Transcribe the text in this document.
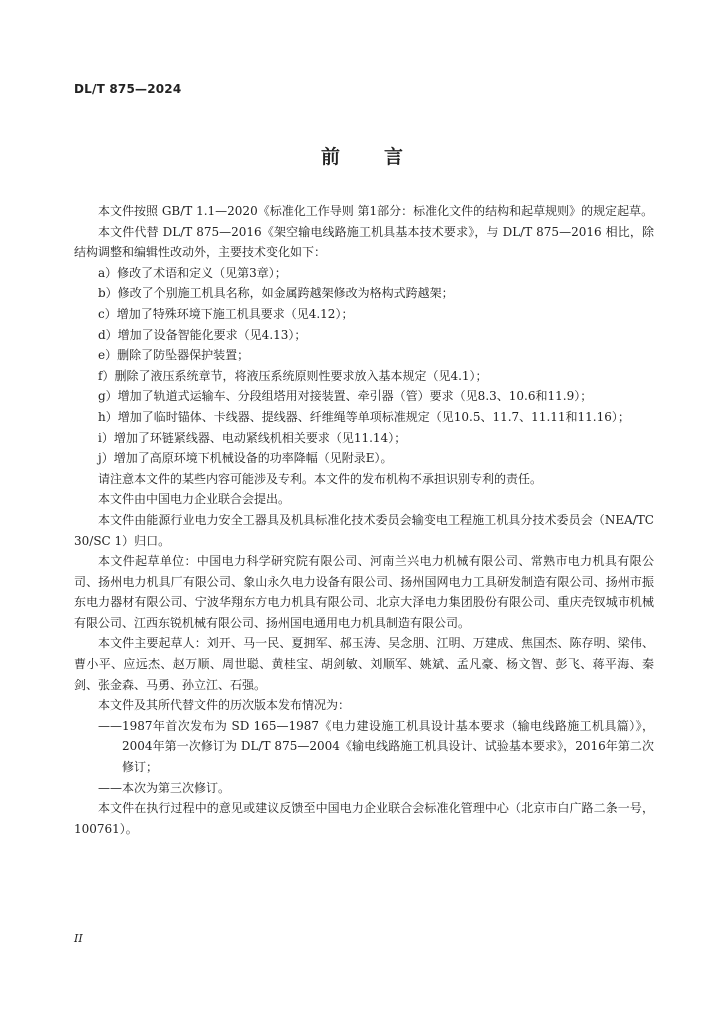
DL/T 875—2024
前言

本文件按照 GB/T 1.1—2020《标准化工作导则 第1部分：标准化文件的结构和起草规则》的规定起草。

本文件代替 DL/T 875—2016《架空输电线路施工机具基本技术要求》，与 DL/T 875—2016 相比，除结构调整和编辑性改动外，主要技术变化如下：

a）修改了术语和定义（见第3章）；

b）修改了个别施工机具名称，如金属跨越架修改为格构式跨越架；

c）增加了特殊环境下施工机具要求（见4.12）；

d）增加了设备智能化要求（见4.13）；

e）删除了防坠器保护装置；

f）删除了液压系统章节，将液压系统原则性要求放入基本规定（见4.1）；

g）增加了轨道式运输车、分段组塔用对接装置、牵引器（管）要求（见8.3、10.6和11.9）；

h）增加了临时锚体、卡线器、提线器、纤维绳等单项标准规定（见10.5、11.7、11.11和11.16）；

i）增加了环链紧线器、电动紧线机相关要求（见11.14）；

j）增加了高原环境下机械设备的功率降幅（见附录E）。

请注意本文件的某些内容可能涉及专利。本文件的发布机构不承担识别专利的责任。

本文件由中国电力企业联合会提出。

本文件由能源行业电力安全工器具及机具标准化技术委员会输变电工程施工机具分技术委员会（NEA/TC 30/SC 1）归口。

本文件起草单位：中国电力科学研究院有限公司、河南兰兴电力机械有限公司、常熟市电力机具有限公司、扬州电力机具厂有限公司、象山永久电力设备有限公司、扬州国网电力工具研发制造有限公司、扬州市振东电力器材有限公司、宁波华翔东方电力机具有限公司、北京大泽电力集团股份有限公司、重庆壳钗城市机械有限公司、江西东锐机械有限公司、扬州国电通用电力机具制造有限公司。

本文件主要起草人：刘开、马一民、夏拥军、郝玉涛、吴念朋、江明、万建成、焦国杰、陈存明、梁伟、曹小平、应远杰、赵万顺、周世聪、黄桂宝、胡剑敏、刘顺军、姚斌、孟凡豪、杨文智、彭飞、蒋平海、秦剑、张金森、马勇、孙立江、石强。

本文件及其所代替文件的历次版本发布情况为：

——1987年首次发布为 SD 165—1987《电力建设施工机具设计基本要求（输电线路施工机具篇）》，2004年第一次修订为 DL/T 875—2004《输电线路施工机具设计、试验基本要求》，2016年第二次修订；

——本次为第三次修订。

本文件在执行过程中的意见或建议反馈至中国电力企业联合会标准化管理中心（北京市白广路二条一号，100761）。

II
